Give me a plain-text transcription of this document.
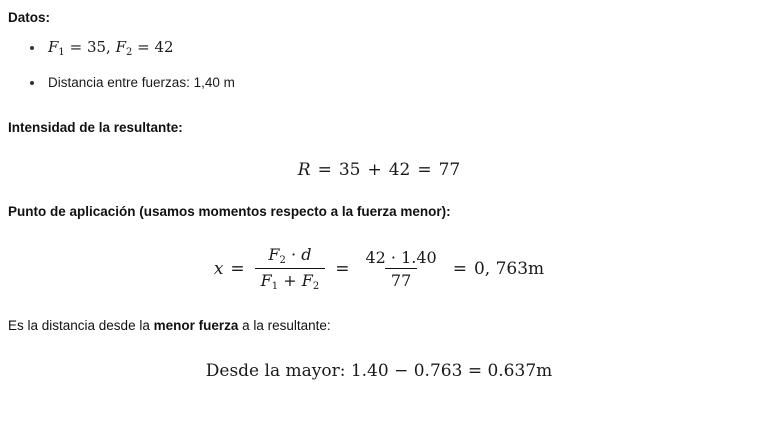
Datos:
$F_1 = 35$, $F_2 = 42$
Distancia entre fuerzas: 1,40 m
Intensidad de la resultante:
R = 35 + 42 = 77
Punto de aplicación (usamos momentos respecto a la fuerza menor):
$x = \frac{F_2 \cdot d}{F_1 + F_2} = \frac{42 \cdot 1.40}{77} = 0$, 763m
Es la distancia desde la menor fuerza a la resultante:
Desde la mayor: 1.40 − 0.763 = 0.637m
